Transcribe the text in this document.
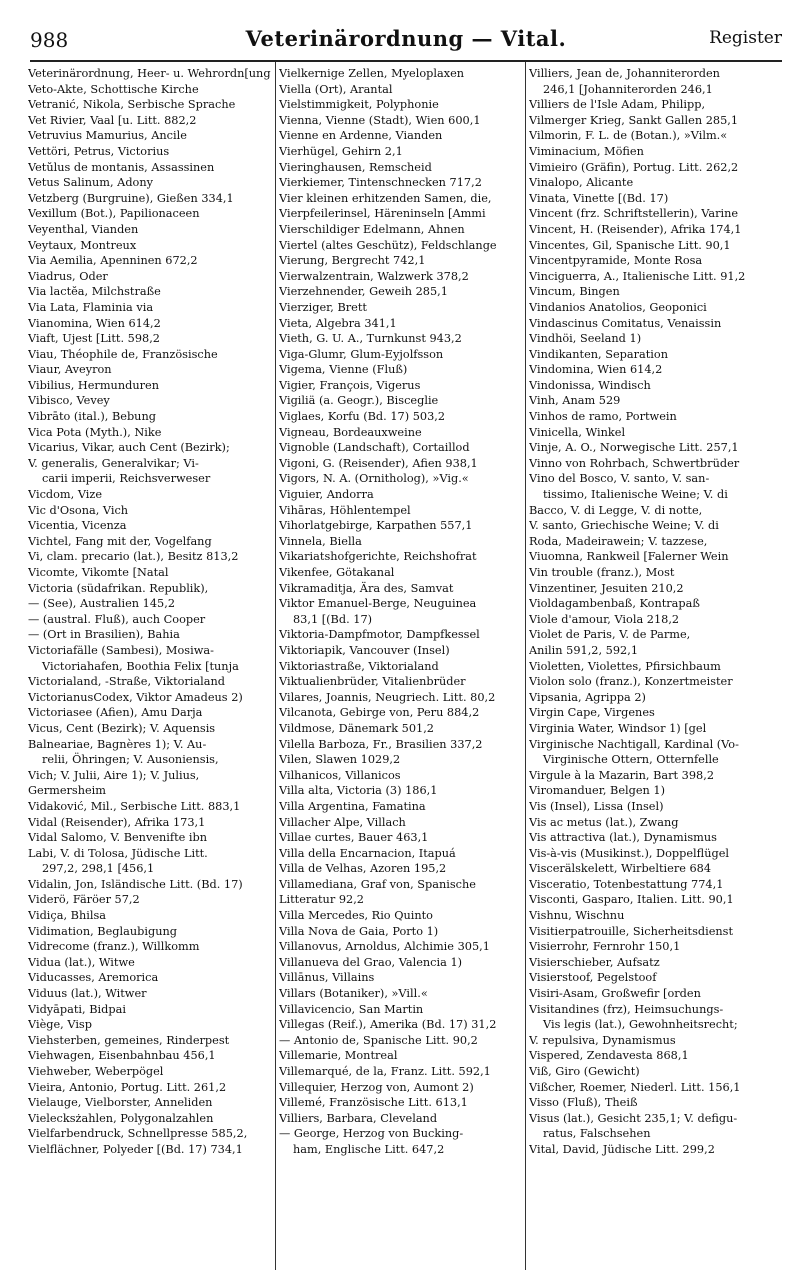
988	Veterinärordnung — Vital.	Register
Veterinärordnung, Heer- u. Wehrordn[ung
Veto-Akte, Schottische Kirche
Vetranić, Nikola, Serbische Sprache
Vet Rivier, Vaal [u. Litt. 882,2
Vetruvius Mamurius, Ancile
Vettöri, Petrus, Victorius
Vetŭlus de montanis, Assassinen
Vetus Salinum, Adony
Vetzberg (Burgruine), Gießen 334,1
Vexillum (Bot.), Papilionaceen
Veyenthal, Vianden
Veytaux, Montreux
Via Aemilia, Apenninen 672,2
Viadrus, Oder
Via lactĕa, Milchstraße
Via Lata, Flaminia via
Vianomina, Wien 614,2
Viaft, Ujest [Litt. 598,2
Viau, Théophile de, Französische
Viaur, Aveyron
Vibilius, Hermunduren
Vibisco, Vevey
Vibrāto (ital.), Bebung
Vica Pota (Myth.), Nike
Vicarius, Vikar, auch Cent (Bezirk);
V. generalis, Generalvikar; Vi-
carii imperii, Reichsverweser
Vicdom, Vize
Vic d'Osona, Vich
Vicentia, Vicenza
Vichtel, Fang mit der, Vogelfang
Vi, clam. precario (lat.), Besitz 813,2
Vicomte, Vikomte [Natal
Victoria (südafrikan. Republik),
— (See), Australien 145,2
— (austral. Fluß), auch Cooper
— (Ort in Brasilien), Bahia
Victoriafälle (Sambesi), Mosiwa-
Victoriahafen, Boothia Felix [tunja
Victorialand, -Straße, Viktorialand
VictorianusCodex, Viktor Amadeus 2)
Victoriasee (Afien), Amu Darja
Vicus, Cent (Bezirk); V. Aquensis
Balneariae, Bagnères 1); V. Au-
relii, Öhringen; V. Ausoniensis,
Vich; V. Julii, Aire 1); V. Julius,
Germersheim
Vidaković, Mil., Serbische Litt. 883,1
Vidal (Reisender), Afrika 173,1
Vidal Salomo, V. Benvenifte ibn
Labi, V. di Tolosa, Jüdische Litt.
297,2, 298,1 [456,1
Vidalin, Jon, Isländische Litt. (Bd. 17)
Viderö, Färöer 57,2
Vidiça, Bhilsa
Vidimation, Beglaubigung
Vidrecome (franz.), Willkomm
Vidua (lat.), Witwe
Viducasses, Aremorica
Viduus (lat.), Witwer
Vidyāpati, Bidpai
Viège, Visp
Viehsterben, gemeines, Rinderpest
Viehwagen, Eisenbahnbau 456,1
Viehweber, Weberpögel
Vieira, Antonio, Portug. Litt. 261,2
Vielauge, Vielborster, Anneliden
Vielecksżahlen, Polygonalzahlen
Vielfarbendruck, Schnellpresse 585,2,
Vielflächner, Polyeder [(Bd. 17) 734,1
Vielkernige Zellen, Myeloplaxen
Viella (Ort), Arantal
Vielstimmigkeit, Polyphonie
Vienna, Vienne (Stadt), Wien 600,1
Vienne en Ardenne, Vianden
Vierhügel, Gehirn 2,1
Vieringhausen, Remscheid
Vierkiemer, Tintenschnecken 717,2
Vier kleinen erhitzenden Samen, die,
Vierpfeilerinsel, Häreninseln [Ammi
Vierschildiger Edelmann, Ahnen
Viertel (altes Geschütz), Feldschlange
Vierung, Bergrecht 742,1
Vierwalzentrain, Walzwerk 378,2
Vierzehnender, Geweih 285,1
Vierziger, Brett
Vieta, Algebra 341,1
Vieth, G. U. A., Turnkunst 943,2
Viga-Glumr, Glum-Eyjolfsson
Vigema, Vienne (Fluß)
Vigier, François, Vigerus
Vigiliä (a. Geogr.), Bisceglie
Viglaes, Korfu (Bd. 17) 503,2
Vigneau, Bordeauxweine
Vignoble (Landschaft), Cortaillod
Vigoni, G. (Reisender), Afien 938,1
Vigors, N. A. (Ornitholog), »Vig.«
Viguier, Andorra
Vihāras, Höhlentempel
Vihorlatgebirge, Karpathen 557,1
Vinnela, Biella
Vikariatshofgerichte, Reichshofrat
Vikenfee, Götakanal
Vikramaditja, Ära des, Samvat
Viktor Emanuel-Berge, Neuguinea
83,1 [(Bd. 17)
Viktoria-Dampfmotor, Dampfkessel
Viktoriapik, Vancouver (Insel)
Viktoriastraße, Viktorialand
Viktualienbrüder, Vitalienbrüder
Vilares, Joannis, Neugriech. Litt. 80,2
Vilcanota, Gebirge von, Peru 884,2
Vildmose, Dänemark 501,2
Vilella Barboza, Fr., Brasilien 337,2
Vilen, Slawen 1029,2
Vilhanicos, Villanicos
Villa alta, Victoria (3) 186,1
Villa Argentina, Famatina
Villacher Alpe, Villach
Villae curtes, Bauer 463,1
Villa della Encarnacion, Itapuá
Villa de Velhas, Azoren 195,2
Villamediana, Graf von, Spanische
Litteratur 92,2
Villa Mercedes, Rio Quinto
Villa Nova de Gaia, Porto 1)
Villanovus, Arnoldus, Alchimie 305,1
Villanueva del Grao, Valencia 1)
Villānus, Villains
Villars (Botaniker), »Vill.«
Villavicencio, San Martin
Villegas (Reif.), Amerika (Bd. 17) 31,2
— Antonio de, Spanische Litt. 90,2
Villemarie, Montreal
Villemarqué, de la, Franz. Litt. 592,1
Villequier, Herzog von, Aumont 2)
Villemé, Französische Litt. 613,1
Villiers, Barbara, Cleveland
— George, Herzog von Bucking-
ham, Englische Litt. 647,2
Villiers, Jean de, Johanniterorden
246,1 [Johanniterorden 246,1
Villiers de l'Isle Adam, Philipp,
Vilmerger Krieg, Sankt Gallen 285,1
Vilmorin, F. L. de (Botan.), »Vilm.«
Viminacium, Möfien
Vimieiro (Gräfin), Portug. Litt. 262,2
Vinalopo, Alicante
Vinata, Vinette [(Bd. 17)
Vincent (frz. Schriftstellerin), Varine
Vincent, H. (Reisender), Afrika 174,1
Vincentes, Gil, Spanische Litt. 90,1
Vincentpyramide, Monte Rosa
Vinciguerra, A., Italienische Litt. 91,2
Vincum, Bingen
Vindanios Anatolios, Geoponici
Vindascinus Comitatus, Venaissin
Vindhöi, Seeland 1)
Vindikanten, Separation
Vindomina, Wien 614,2
Vindonissa, Windisch
Vinh, Anam 529
Vinhos de ramo, Portwein
Vinicella, Winkel
Vinje, A. O., Norwegische Litt. 257,1
Vinno von Rohrbach, Schwertbrüder
Vino del Bosco, V. santo, V. san-
tissimo, Italienische Weine; V. di
Bacco, V. di Legge, V. di notte,
V. santo, Griechische Weine; V. di
Roda, Madeirawein; V. tazzese,
Viuomna, Rankweil [Falerner Wein
Vin trouble (franz.), Most
Vinzentiner, Jesuiten 210,2
Violdagambenbaß, Kontrapaß
Viole d'amour, Viola 218,2
Violet de Paris, V. de Parme,
Anilin 591,2, 592,1
Violetten, Violettes, Pfirsichbaum
Violon solo (franz.), Konzertmeister
Vipsania, Agrippa 2)
Virgin Cape, Virgenes
Virginia Water, Windsor 1) [gel
Virginische Nachtigall, Kardinal (Vo-
Virginische Ottern, Otternfelle
Virgule à la Mazarin, Bart 398,2
Viromanduer, Belgen 1)
Vis (Insel), Lissa (Insel)
Vis ac metus (lat.), Zwang
Vis attractiva (lat.), Dynamismus
Vis-à-vis (Musikinst.), Doppelflügel
Viscerälskelett, Wirbeltiere 684
Visceratio, Totenbestattung 774,1
Visconti, Gasparo, Italien. Litt. 90,1
Vishnu, Wischnu
Visitierpatrouille, Sicherheitsdienst
Visierrohr, Fernrohr 150,1
Visierschieber, Aufsatz
Visierstoof, Pegelstoof
Visiri-Asam, Großwefir [orden
Visitandines (frz), Heimsuchungs-
Vis legis (lat.), Gewohnheitsrecht;
V. repulsiva, Dynamismus
Vispered, Zendavesta 868,1
Viß, Giro (Gewicht)
Vißcher, Roemer, Niederl. Litt. 156,1
Visso (Fluß), Theiß
Visus (lat.), Gesicht 235,1; V. defigu-
ratus, Falschsehen
Vital, David, Jüdische Litt. 299,2
